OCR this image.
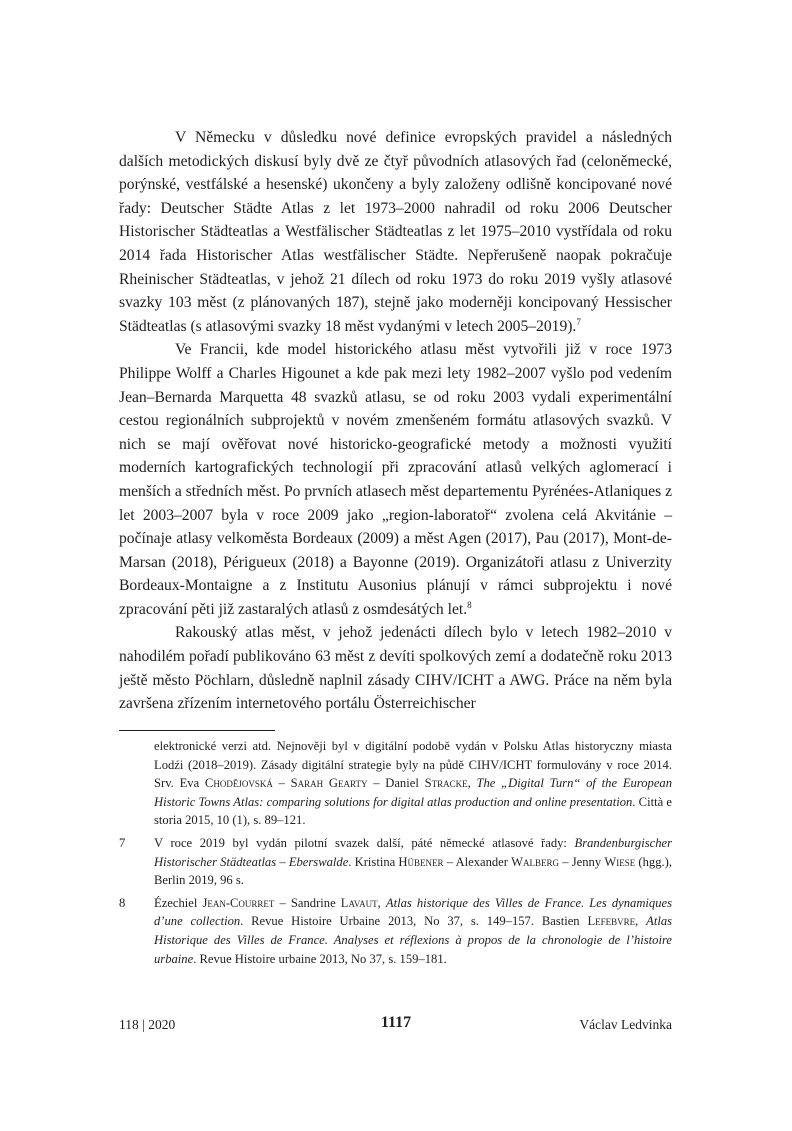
V Německu v důsledku nové definice evropských pravidel a následných dalších metodických diskusí byly dvě ze čtyř původních atlasových řad (celoněmecké, porýnské, vestfálské a hesenské) ukončeny a byly založeny odlišně koncipované nové řady: Deutscher Städte Atlas z let 1973–2000 nahradil od roku 2006 Deutscher Historischer Städteatlas a Westfälischer Städteatlas z let 1975–2010 vystřídala od roku 2014 řada Historischer Atlas westfälischer Städte. Nepřerušeně naopak pokračuje Rheinischer Städteatlas, v jehož 21 dílech od roku 1973 do roku 2019 vyšly atlasové svazky 103 měst (z plánovaných 187), stejně jako moderněji koncipovaný Hessischer Städteatlas (s atlasovými svazky 18 měst vydanými v letech 2005–2019).$^7$

Ve Francii, kde model historického atlasu měst vytvořili již v roce 1973 Philippe Wolff a Charles Higounet a kde pak mezi lety 1982–2007 vyšlo pod vedením Jean–Bernarda Marquetta 48 svazků atlasu, se od roku 2003 vydali experimentální cestou regionálních subprojektů v novém zmenšeném formátu atlasových svazků. V nich se mají ověřovat nové historicko-geografické metody a možnosti využití moderních kartografických technologií při zpracování atlasů velkých aglomerací i menších a středních měst. Po prvních atlasech měst departementu Pyrénées-Atlaniques z let 2003–2007 byla v roce 2009 jako „region-laboratoř“ zvolena celá Akvitánie – počínaje atlasy velkoměsta Bordeaux (2009) a měst Agen (2017), Pau (2017), Mont-de-Marsan (2018), Périgueux (2018) a Bayonne (2019). Organizátoři atlasu z Univerzity Bordeaux-Montaigne a z Institutu Ausonius plánují v rámci subprojektu i nové zpracování pěti již zastaralých atlasů z osmdesátých let.$^8$

Rakouský atlas měst, v jehož jedenácti dílech bylo v letech 1982–2010 v nahodilém pořadí publikováno 63 měst z devíti spolkových zemí a dodatečně roku 2013 ještě město Pöchlarn, důsledně naplnil zásady CIHV/ICHT a AWG. Práce na něm byla završena zřízením internetového portálu Österreichischer

elektronické verzi atd. Nejnověji byl v digitální podobě vydán v Polsku Atlas historyczny miasta Lodźi (2018–2019). Zásady digitální strategie byly na půdě CIHV/ICHT formulovány v roce 2014. Srv. Eva Chodějovská – Sarah Gearty – Daniel Stracke, The „Digital Turn“ of the European Historic Towns Atlas: comparing solutions for digital atlas production and online presentation. Città e storia 2015, 10 (1), s. 89–121.
7	V roce 2019 byl vydán pilotní svazek další, páté německé atlasové řady: Brandenburgischer Historischer Städteatlas – Eberswalde. Kristina Hübener – Alexander Walberg – Jenny Wiese (hgg.), Berlin 2019, 96 s.
8	Ézechiel Jean-Courret – Sandrine Lavaut, Atlas historique des Villes de France. Les dynamiques d’une collection. Revue Histoire Urbaine 2013, No 37, s. 149–157. Bastien Lefebvre, Atlas Historique des Villes de France. Analyses et réflexions à propos de la chronologie de l’histoire urbaine. Revue Histoire urbaine 2013, No 37, s. 159–181.
118 | 2020	1117	Václav Ledvinka
